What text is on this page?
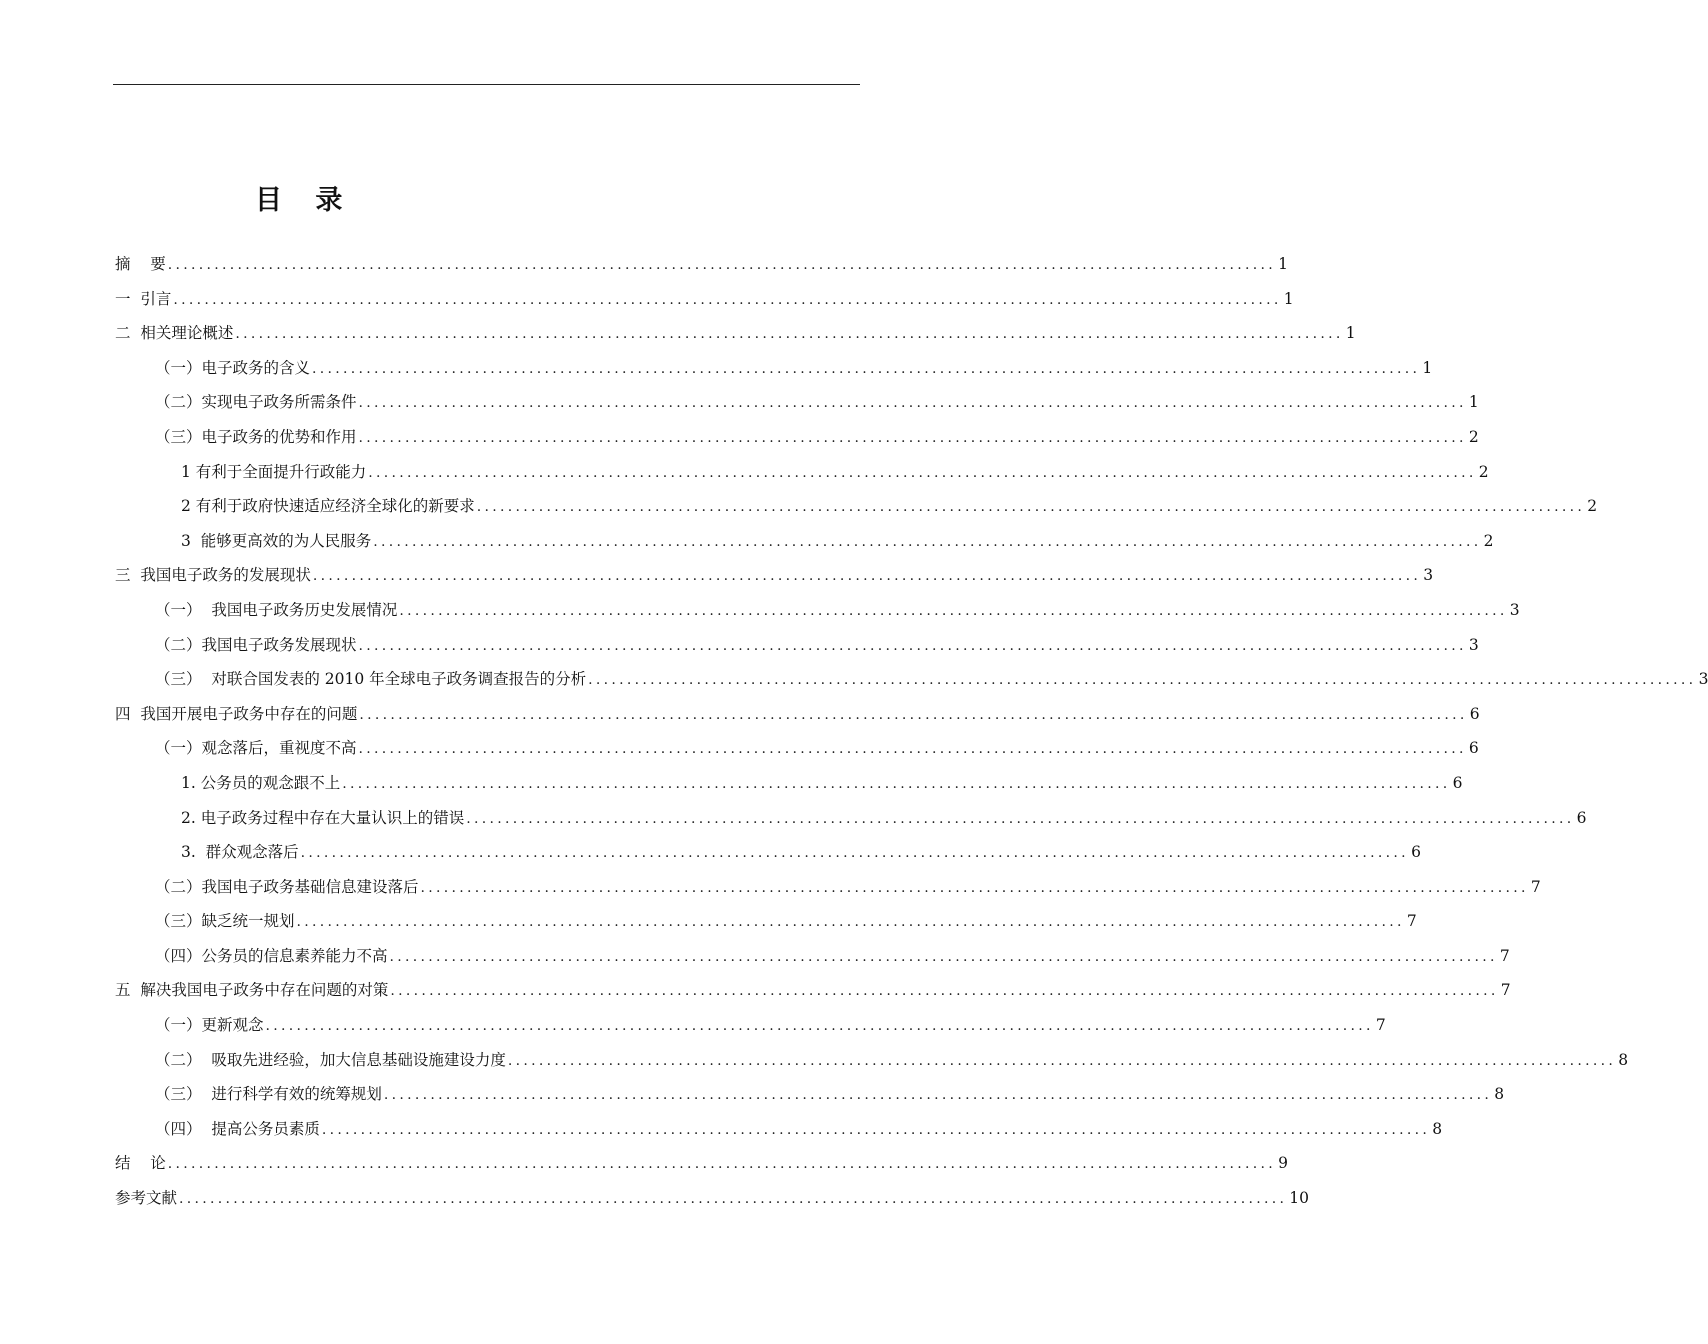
目 录
摘    要 ............................................................................................................................................... 1
一  引言 ............................................................................................................................................... 1
二  相关理论概述 ............................................................................................................................................... 1
（一）电子政务的含义 ............................................................................................................................................... 1
（二）实现电子政务所需条件 ............................................................................................................................................... 1
（三）电子政务的优势和作用 ............................................................................................................................................... 2
1 有利于全面提升行政能力 ............................................................................................................................................... 2
2 有利于政府快速适应经济全球化的新要求 ............................................................................................................................................... 2
3  能够更高效的为人民服务 ............................................................................................................................................... 2
三  我国电子政务的发展现状 ............................................................................................................................................... 3
（一）  我国电子政务历史发展情况 ............................................................................................................................................... 3
（二）我国电子政务发展现状 ............................................................................................................................................... 3
（三）  对联合国发表的 2010 年全球电子政务调查报告的分析 ............................................................................................................................................... 3
四  我国开展电子政务中存在的问题 ............................................................................................................................................... 6
（一）观念落后，重视度不高 ............................................................................................................................................... 6
1. 公务员的观念跟不上 ............................................................................................................................................... 6
2. 电子政务过程中存在大量认识上的错误 ............................................................................................................................................... 6
3.  群众观念落后 ............................................................................................................................................... 6
（二）我国电子政务基础信息建设落后 ............................................................................................................................................... 7
（三）缺乏统一规划 ............................................................................................................................................... 7
（四）公务员的信息素养能力不高 ............................................................................................................................................... 7
五  解决我国电子政务中存在问题的对策 ............................................................................................................................................... 7
（一）更新观念 ............................................................................................................................................... 7
（二）  吸取先进经验，加大信息基础设施建设力度 ............................................................................................................................................... 8
（三）  进行科学有效的统筹规划 ............................................................................................................................................... 8
（四）  提高公务员素质 ............................................................................................................................................... 8
结    论 ............................................................................................................................................... 9
参考文献 ............................................................................................................................................... 10
